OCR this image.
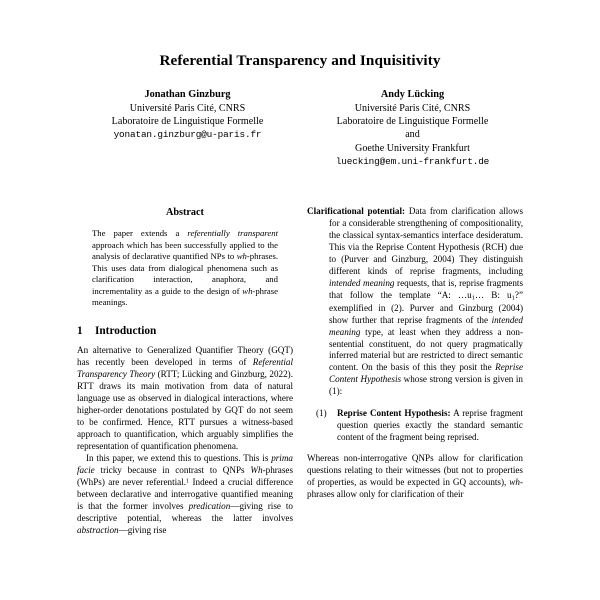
Referential Transparency and Inquisitivity
Jonathan Ginzburg
Université Paris Cité, CNRS
Laboratoire de Linguistique Formelle
yonatan.ginzburg@u-paris.fr
Andy Lücking
Université Paris Cité, CNRS
Laboratoire de Linguistique Formelle
and
Goethe University Frankfurt
luecking@em.uni-frankfurt.de
Abstract
The paper extends a referentially transparent approach which has been successfully applied to the analysis of declarative quantified NPs to wh-phrases. This uses data from dialogical phenomena such as clarification interaction, anaphora, and incrementality as a guide to the design of wh-phrase meanings.
1 Introduction

An alternative to Generalized Quantifier Theory (GQT) has recently been developed in terms of Referential Transparency Theory (RTT; Lücking and Ginzburg, 2022). RTT draws its main motivation from data of natural language use as observed in dialogical interactions, where higher-order denotations postulated by GQT do not seem to be confirmed. Hence, RTT pursues a witness-based approach to quantification, which arguably simplifies the representation of quantification phenomena.

In this paper, we extend this to questions. This is prima facie tricky because in contrast to QNPs Wh-phrases (WhPs) are never referential.$^1$ Indeed a crucial difference between declarative and interrogative quantified meaning is that the former involves predication—giving rise to descriptive potential, whereas the latter involves abstraction—giving rise

Clarificational potential: Data from clarification allows for a considerable strengthening of compositionality, the classical syntax-semantics interface desideratum. This via the Reprise Content Hypothesis (RCH) due to (Purver and Ginzburg, 2004) They distinguish different kinds of reprise fragments, including intended meaning requests, that is, reprise fragments that follow the template “A: $\dots u_1\dots$ B: $u_1$?” exemplified in (2). Purver and Ginzburg (2004) show further that reprise fragments of the intended meaning type, at least when they address a non-sentential constituent, do not query pragmatically inferred material but are restricted to direct semantic content. On the basis of this they posit the Reprise Content Hypothesis whose strong version is given in (1):

(1)	Reprise Content Hypothesis: A reprise fragment question queries exactly the standard semantic content of the fragment being reprised.

Whereas non-interrogative QNPs allow for clarification questions relating to their witnesses (but not to properties of properties, as would be expected in GQ accounts), wh-phrases allow only for clarification of their
